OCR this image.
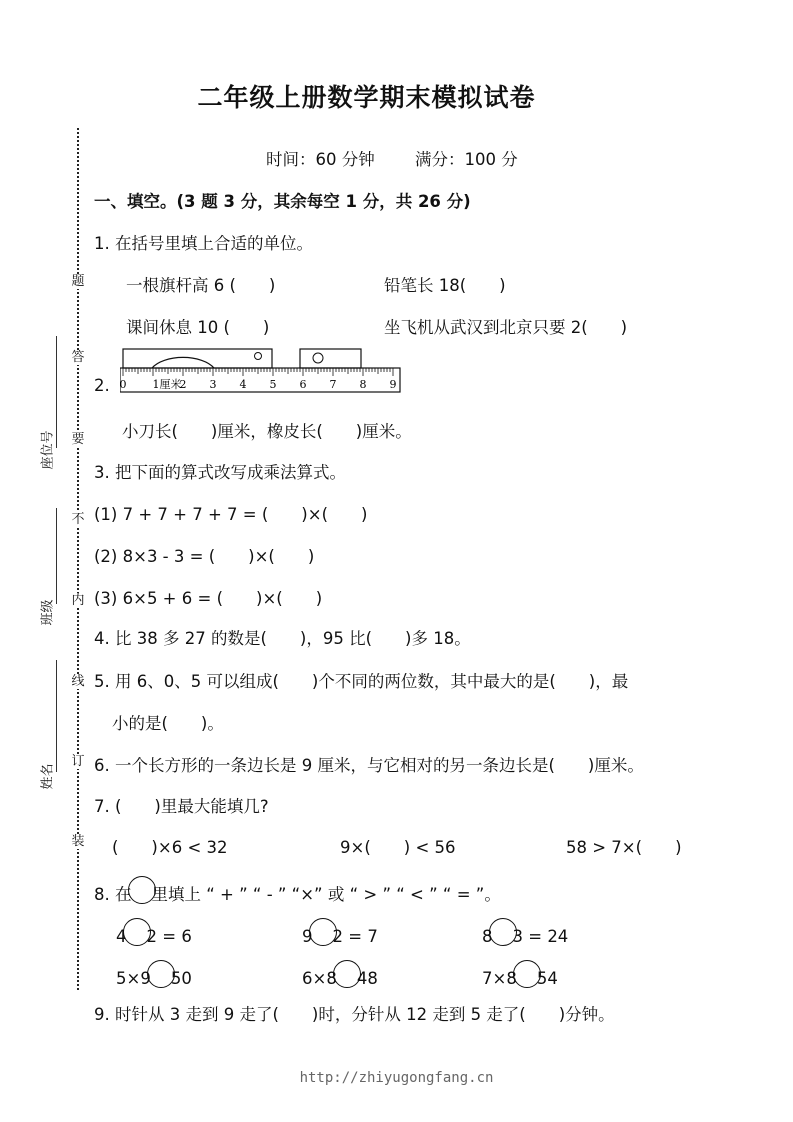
题
答
要
不
内
线
订
装
座位号
班级
姓名
二年级上册数学期末模拟试卷
时间：60 分钟 满分：100 分
一、填空。(3 题 3 分，其余每空 1 分，共 26 分)
1. 在括号里填上合适的单位。
一根旗杆高 6 (　　)	铅笔长 18(　　)
课间休息 10 (　　)	坐飞机从武汉到北京只要 2(　　)
2. 0 1厘米
2 3 4 5 6 7 8 9
小刀长(　　)厘米，橡皮长(　　)厘米。
3. 把下面的算式改写成乘法算式。
(1) 7 + 7 + 7 + 7 = (　　)×(　　)
(2) 8×3 - 3 = (　　)×(　　)
(3) 6×5 + 6 = (　　)×(　　)
4. 比 38 多 27 的数是(　　)，95 比(　　)多 18。
5. 用 6、0、5 可以组成(　　)个不同的两位数，其中最大的是(　　)，最
小的是(　　)。
6. 一个长方形的一条边长是 9 厘米，与它相对的另一条边长是(　　)厘米。
7. (　　)里最大能填几?
(　　)×6 < 32	9×(　　) < 56	58 > 7×(　　)
8. 在 里填上 “ + ” “ - ” “×” 或 “ > ” “ < ” “ = ”。
4 2 = 6	9 2 = 7	8 3 = 24
5×9 50	6×8 48	7×8 54
9. 时针从 3 走到 9 走了(　　)时，分针从 12 走到 5 走了(　　)分钟。
http://zhiyugongfang.cn
